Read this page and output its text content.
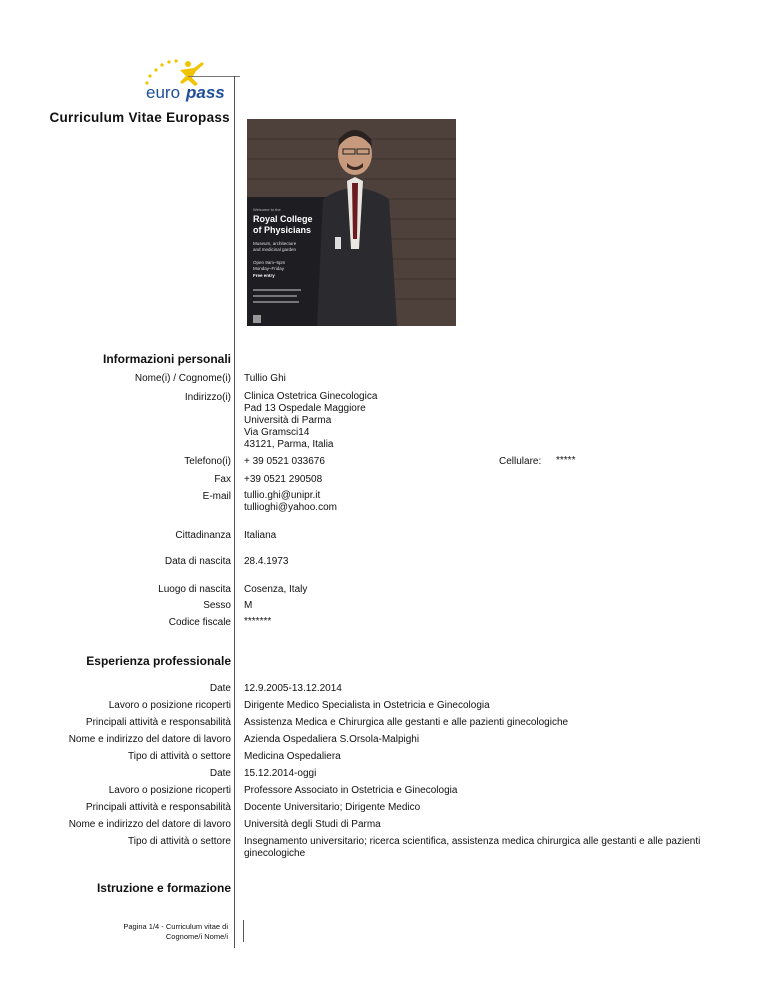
euro pass
Curriculum Vitae Europass
Welcome to the
Royal College
of Physicians
Museum, architecture
and medicinal garden
Open 9am–5pm
Monday–Friday
Free entry
Informazioni personali
Nome(i) / Cognome(i) Tullio Ghi
Indirizzo(i) Clinica Ostetrica Ginecologica
Pad 13 Ospedale Maggiore
Università di Parma
Via Gramsci14
43121, Parma, Italia
Telefono(i) + 39 0521 033676	Cellulare: *****
Fax +39 0521 290508
E-mail tullio.ghi@unipr.it
tullioghi@yahoo.com
Cittadinanza Italiana
Data di nascita 28.4.1973
Luogo di nascita Cosenza, Italy
Sesso M
Codice fiscale *******
Esperienza professionale
Date 12.9.2005-13.12.2014
Lavoro o posizione ricoperti Dirigente Medico Specialista in Ostetricia e Ginecologia
Principali attività e responsabilità Assistenza Medica e Chirurgica alle gestanti e alle pazienti ginecologiche
Nome e indirizzo del datore di lavoro Azienda Ospedaliera S.Orsola-Malpighi
Tipo di attività o settore Medicina Ospedaliera
Date 15.12.2014-oggi
Lavoro o posizione ricoperti Professore Associato in Ostetricia e Ginecologia
Principali attività e responsabilità Docente Universitario; Dirigente Medico
Nome e indirizzo del datore di lavoro Università degli Studi di Parma
Tipo di attività o settore Insegnamento universitario; ricerca scientifica, assistenza medica chirurgica alle gestanti e alle pazienti
ginecologiche
Istruzione e formazione
Pagina 1/4 - Curriculum vitae di
Cognome/i Nome/i
